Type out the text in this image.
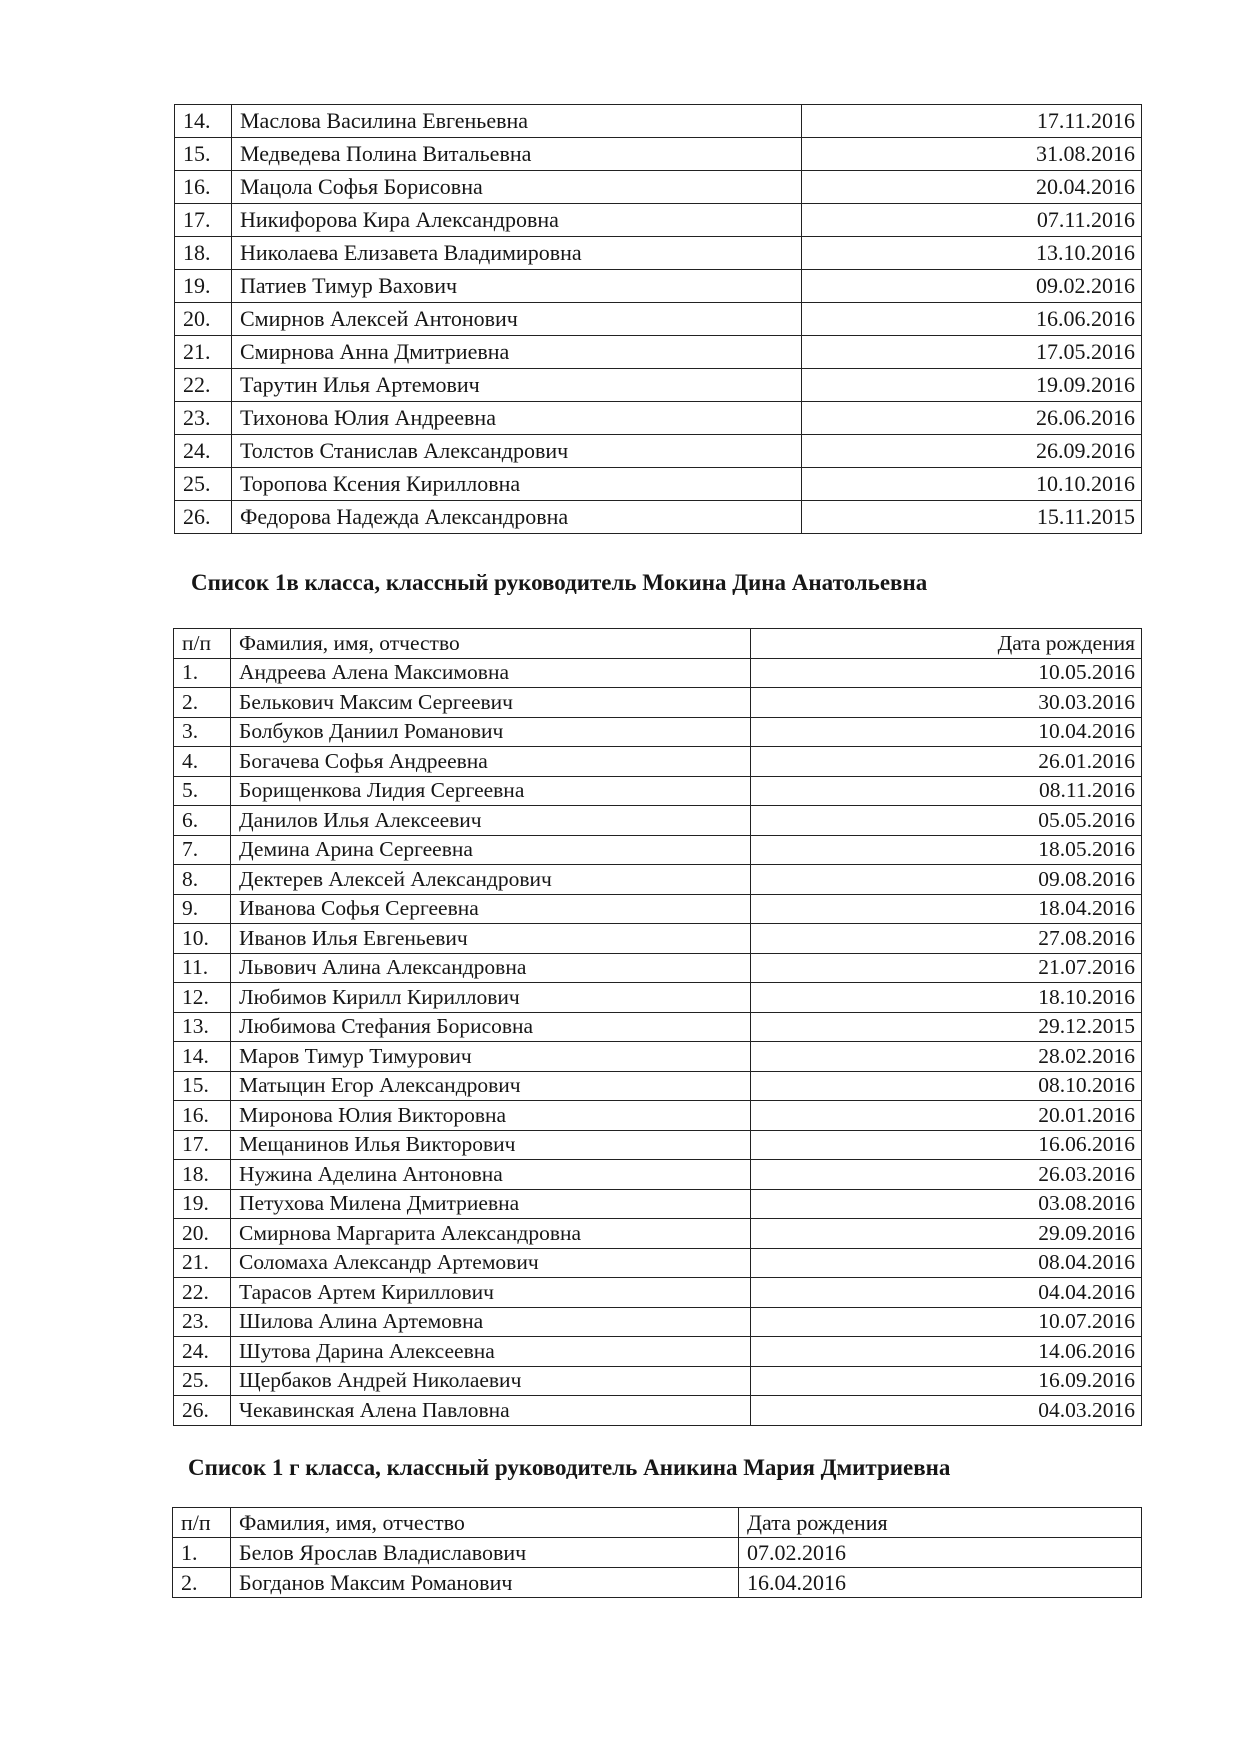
14.	Маслова Василина Евгеньевна	17.11.2016
15.	Медведева Полина Витальевна	31.08.2016
16.	Мацола Софья Борисовна	20.04.2016
17.	Никифорова Кира Александровна	07.11.2016
18.	Николаева Елизавета Владимировна	13.10.2016
19.	Патиев Тимур Вахович	09.02.2016
20.	Смирнов Алексей Антонович	16.06.2016
21.	Смирнова Анна Дмитриевна	17.05.2016
22.	Тарутин Илья Артемович	19.09.2016
23.	Тихонова Юлия Андреевна	26.06.2016
24.	Толстов Станислав Александрович	26.09.2016
25.	Торопова Ксения Кирилловна	10.10.2016
26.	Федорова Надежда Александровна	15.11.2015
Список 1в класса, классный руководитель Мокина Дина Анатольевна
п/п	Фамилия, имя, отчество	Дата рождения
1.	Андреева Алена Максимовна	10.05.2016
2.	Белькович Максим Сергеевич	30.03.2016
3.	Болбуков Даниил Романович	10.04.2016
4.	Богачева Софья Андреевна	26.01.2016
5.	Борищенкова Лидия Сергеевна	08.11.2016
6.	Данилов Илья Алексеевич	05.05.2016
7.	Демина Арина Сергеевна	18.05.2016
8.	Дектерев Алексей Александрович	09.08.2016
9.	Иванова Софья Сергеевна	18.04.2016
10.	Иванов Илья Евгеньевич	27.08.2016
11.	Львович Алина Александровна	21.07.2016
12.	Любимов Кирилл Кириллович	18.10.2016
13.	Любимова Стефания Борисовна	29.12.2015
14.	Маров Тимур Тимурович	28.02.2016
15.	Матыцин Егор Александрович	08.10.2016
16.	Миронова Юлия Викторовна	20.01.2016
17.	Мещанинов Илья Викторович	16.06.2016
18.	Нужина Аделина Антоновна	26.03.2016
19.	Петухова Милена Дмитриевна	03.08.2016
20.	Смирнова Маргарита Александровна	29.09.2016
21.	Соломаха Александр Артемович	08.04.2016
22.	Тарасов Артем Кириллович	04.04.2016
23.	Шилова Алина Артемовна	10.07.2016
24.	Шутова Дарина Алексеевна	14.06.2016
25.	Щербаков Андрей Николаевич	16.09.2016
26.	Чекавинская Алена Павловна	04.03.2016
Список 1 г класса, классный руководитель Аникина Мария Дмитриевна
п/п	Фамилия, имя, отчество	Дата рождения
1.	Белов Ярослав Владиславович	07.02.2016
2.	Богданов Максим Романович	16.04.2016
